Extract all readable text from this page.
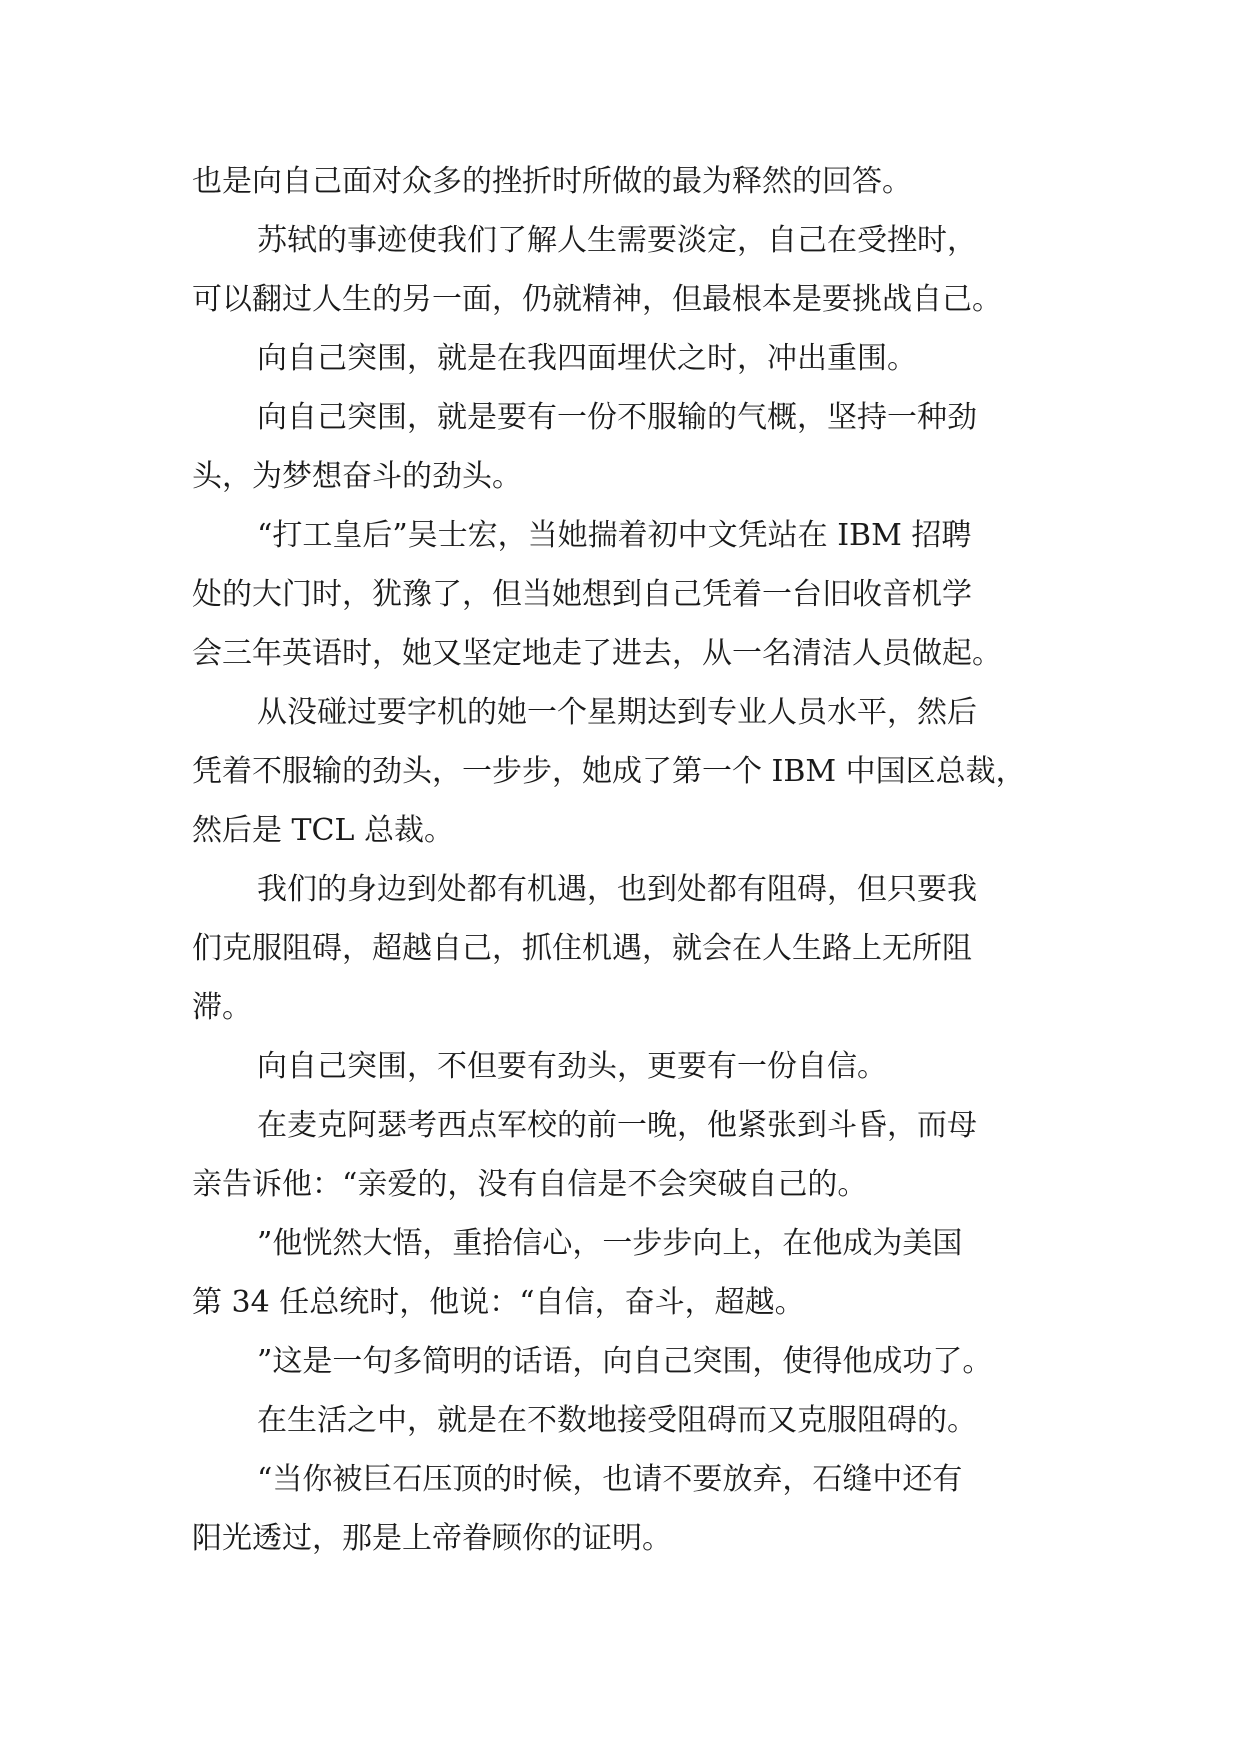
也是向自己面对众多的挫折时所做的最为释然的回答。
苏轼的事迹使我们了解人生需要淡定，自己在受挫时，
可以翻过人生的另一面，仍就精神，但最根本是要挑战自己。
向自己突围，就是在我四面埋伏之时，冲出重围。
向自己突围，就是要有一份不服输的气概，坚持一种劲
头，为梦想奋斗的劲头。
“打工皇后”吴士宏，当她揣着初中文凭站在 IBM 招聘
处的大门时，犹豫了，但当她想到自己凭着一台旧收音机学
会三年英语时，她又坚定地走了进去，从一名清洁人员做起。
从没碰过要字机的她一个星期达到专业人员水平，然后
凭着不服输的劲头，一步步，她成了第一个 IBM 中国区总裁，
然后是 TCL 总裁。
我们的身边到处都有机遇，也到处都有阻碍，但只要我
们克服阻碍，超越自己，抓住机遇，就会在人生路上无所阻
滞。
向自己突围，不但要有劲头，更要有一份自信。
在麦克阿瑟考西点军校的前一晚，他紧张到斗昏，而母
亲告诉他：“亲爱的，没有自信是不会突破自己的。
”他恍然大悟，重拾信心，一步步向上，在他成为美国
第 34 任总统时，他说：“自信，奋斗，超越。
”这是一句多简明的话语，向自己突围，使得他成功了。
在生活之中，就是在不数地接受阻碍而又克服阻碍的。
“当你被巨石压顶的时候，也请不要放弃，石缝中还有
阳光透过，那是上帝眷顾你的证明。
